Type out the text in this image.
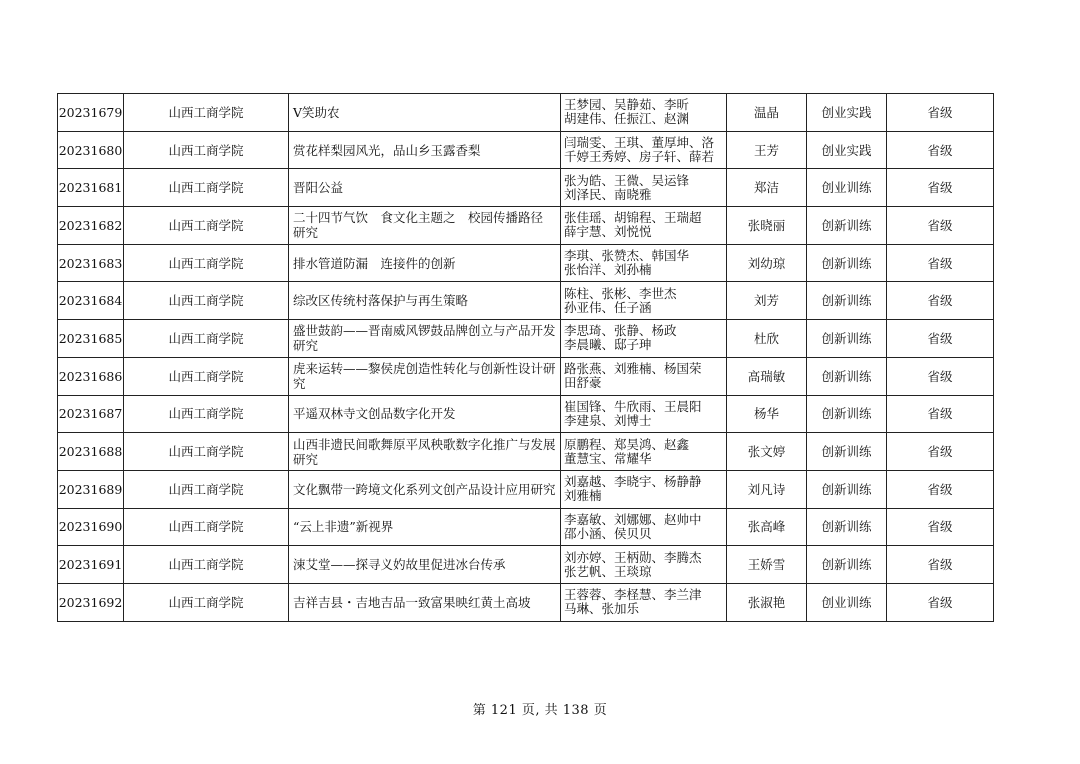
20231679	山西工商学院	V笑助农	王梦园、吴静茹、李昕
胡建伟、任振江、赵渊	温晶	创业实践	省级
20231680	山西工商学院	赏花样梨园风光，品山乡玉露香梨	闫瑞雯、王琪、董厚坤、洛
千婷王秀婷、房子轩、薛若	王芳	创业实践	省级
20231681	山西工商学院	晋阳公益	张为皓、王微、吴运锋
刘泽民、南晓雅	郑洁	创业训练	省级
20231682	山西工商学院	二十四节气饮　食文化主题之　校园传播路径　研究	张佳瑶、胡锦程、王瑞超
薛宇慧、刘悦悦	张晓丽	创新训练	省级
20231683	山西工商学院	排水管道防漏　连接件的创新	李琪、张赞杰、韩国华
张怡洋、刘孙楠	刘幼琼	创新训练	省级
20231684	山西工商学院	综改区传统村落保护与再生策略	陈柱、张彬、李世杰
孙亚伟、任子涵	刘芳	创新训练	省级
20231685	山西工商学院	盛世鼓韵——晋南威风锣鼓品牌创立与产品开发研究	李思琦、张静、杨政
李晨曦、邸子珅	杜欣	创新训练	省级
20231686	山西工商学院	虎来运转——黎侯虎创造性转化与创新性设计研究	路张燕、刘雅楠、杨国荣
田舒豪	高瑞敏	创新训练	省级
20231687	山西工商学院	平遥双林寺文创品数字化开发	崔国锋、牛欣雨、王晨阳
李建泉、刘博士	杨华	创新训练	省级
20231688	山西工商学院	山西非遗民间歌舞原平凤秧歌数字化推广与发展研究	原鹏程、郑昊鸿、赵鑫
董慧宝、常耀华	张文婷	创新训练	省级
20231689	山西工商学院	文化飘带一跨境文化系列文创产品设计应用研究	刘嘉越、李晓宇、杨静静
刘雅楠	刘凡诗	创新训练	省级
20231690	山西工商学院	“云上非遗”新视界	李嘉敏、刘娜娜、赵帅中
邵小涵、侯贝贝	张高峰	创新训练	省级
20231691	山西工商学院	涑艾堂——探寻义妁故里促进冰台传承	刘亦婷、王柄勋、李腾杰
张艺帆、王琰琼	王娇雪	创新训练	省级
20231692	山西工商学院	吉祥吉县・吉地吉品一致富果映红黄土高坡	王蓉蓉、李柽慧、李兰津
马琳、张加乐	张淑艳	创业训练	省级
第 121 页, 共 138 页
